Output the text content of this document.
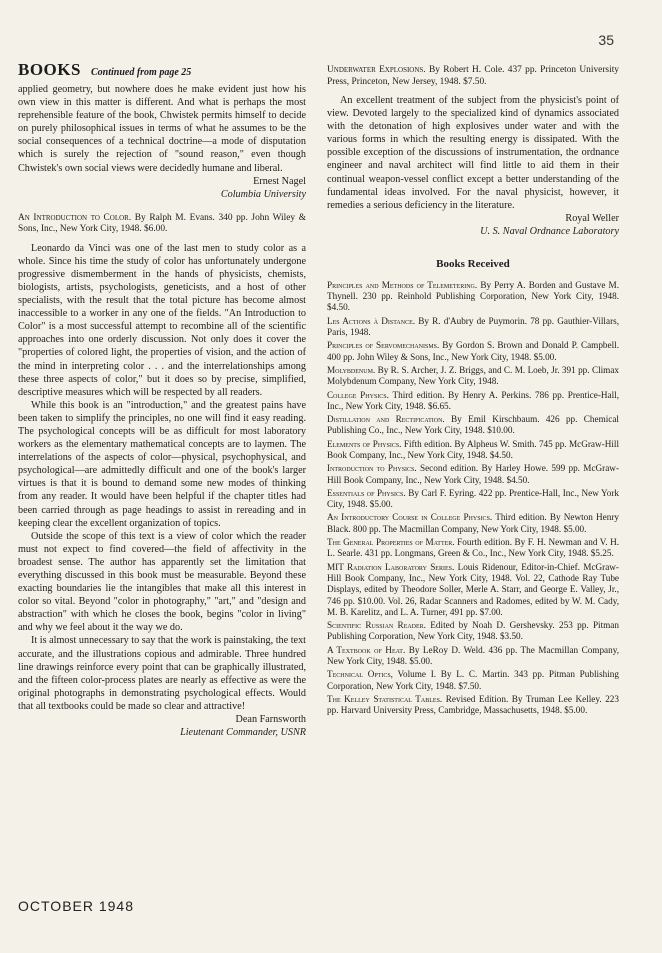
35
BOOKS Continued from page 25

applied geometry, but nowhere does he make evident just how his own view in this matter is different. And what is perhaps the most reprehensible feature of the book, Chwistek permits himself to decide on purely philosophical issues in terms of what he assumes to be the social consequences of a technical doctrine—a mode of disputation which is surely the rejection of "sound reason," even though Chwistek's own social views were decidedly humane and liberal.

Ernest Nagel
Columbia University

An Introduction to Color. By Ralph M. Evans. 340 pp. John Wiley & Sons, Inc., New York City, 1948. $6.00.

Leonardo da Vinci was one of the last men to study color as a whole. Since his time the study of color has unfortunately undergone progressive dismemberment in the hands of physicists, chemists, biologists, artists, psychologists, geneticists, and a host of other specialists, with the result that the total picture has become almost inaccessible to a worker in any one of the fields. "An Introduction to Color" is a most successful attempt to recombine all of the scientific approaches into one orderly discussion. Not only does it cover the "properties of colored light, the properties of vision, and the action of the mind in interpreting color . . . and the interrelationships among these three aspects of color," but it does so by precise, simplified, descriptive measures which will be respected by all readers.

While this book is an "introduction," and the greatest pains have been taken to simplify the principles, no one will find it easy reading. The psychological concepts will be as difficult for most laboratory workers as the elementary mathematical concepts are to laymen. The interrelations of the aspects of color—physical, psychophysical, and psychological—are admittedly difficult and one of the book's larger virtues is that it is bound to demand some new modes of thinking from any reader. It would have been helpful if the chapter titles had been carried through as page headings to assist in rereading and in keeping clear the excellent organization of topics.

Outside the scope of this text is a view of color which the reader must not expect to find covered—the field of affectivity in the broadest sense. The author has apparently set the limitation that everything discussed in this book must be measurable. Beyond these exacting boundaries lie the intangibles that make all this interest in color so vital. Beyond "color in photography," "art," and "design and abstraction" with which he closes the book, begins "color in living" and why we feel about it the way we do.

It is almost unnecessary to say that the work is painstaking, the text accurate, and the illustrations copious and admirable. Three hundred line drawings reinforce every point that can be graphically illustrated, and the fifteen color-process plates are nearly as effective as were the original photographs in demonstrating psychological effects. Would that all textbooks could be made so clear and attractive!

Dean Farnsworth
Lieutenant Commander, USNR

Underwater Explosions. By Robert H. Cole. 437 pp. Princeton University Press, Princeton, New Jersey, 1948. $7.50.

An excellent treatment of the subject from the physicist's point of view. Devoted largely to the specialized kind of dynamics associated with the detonation of high explosives under water and with the various forms in which the resulting energy is dissipated. With the possible exception of the discussions of instrumentation, the ordnance engineer and naval architect will find little to aid them in their continual weapon-vessel conflict except a better understanding of the fundamental ideas involved. For the naval physicist, however, it remedies a serious deficiency in the literature.

Royal Weller
U. S. Naval Ordnance Laboratory
Books Received

Principles and Methods of Telemetering. By Perry A. Borden and Gustave M. Thynell. 230 pp. Reinhold Publishing Corporation, New York City, 1948. $4.50.

Les Actions à Distance. By R. d'Aubry de Puymorin. 78 pp. Gauthier-Villars, Paris, 1948.

Principles of Servomechanisms. By Gordon S. Brown and Donald P. Campbell. 400 pp. John Wiley & Sons, Inc., New York City, 1948. $5.00.

Molybdenum. By R. S. Archer, J. Z. Briggs, and C. M. Loeb, Jr. 391 pp. Climax Molybdenum Company, New York City, 1948.

College Physics. Third edition. By Henry A. Perkins. 786 pp. Prentice-Hall, Inc., New York City, 1948. $6.65.

Distillation and Rectification. By Emil Kirschbaum. 426 pp. Chemical Publishing Co., Inc., New York City, 1948. $10.00.

Elements of Physics. Fifth edition. By Alpheus W. Smith. 745 pp. McGraw-Hill Book Company, Inc., New York City, 1948. $4.50.

Introduction to Physics. Second edition. By Harley Howe. 599 pp. McGraw-Hill Book Company, Inc., New York City, 1948. $4.50.

Essentials of Physics. By Carl F. Eyring. 422 pp. Prentice-Hall, Inc., New York City, 1948. $5.00.

An Introductory Course in College Physics. Third edition. By Newton Henry Black. 800 pp. The Macmillan Company, New York City, 1948. $5.00.

The General Properties of Matter. Fourth edition. By F. H. Newman and V. H. L. Searle. 431 pp. Longmans, Green & Co., Inc., New York City, 1948. $5.25.

MIT Radiation Laboratory Series. Louis Ridenour, Editor-in-Chief. McGraw-Hill Book Company, Inc., New York City, 1948. Vol. 22, Cathode Ray Tube Displays, edited by Theodore Soller, Merle A. Starr, and George E. Valley, Jr., 746 pp. $10.00. Vol. 26, Radar Scanners and Radomes, edited by W. M. Cady, M. B. Karelitz, and L. A. Turner, 491 pp. $7.00.

Scientific Russian Reader. Edited by Noah D. Gershevsky. 253 pp. Pitman Publishing Corporation, New York City, 1948. $3.50.

A Textbook of Heat. By LeRoy D. Weld. 436 pp. The Macmillan Company, New York City, 1948. $5.00.

Technical Optics, Volume I. By L. C. Martin. 343 pp. Pitman Publishing Corporation, New York City, 1948. $7.50.

The Kelley Statistical Tables. Revised Edition. By Truman Lee Kelley. 223 pp. Harvard University Press, Cambridge, Massachusetts, 1948. $5.00.

OCTOBER 1948
